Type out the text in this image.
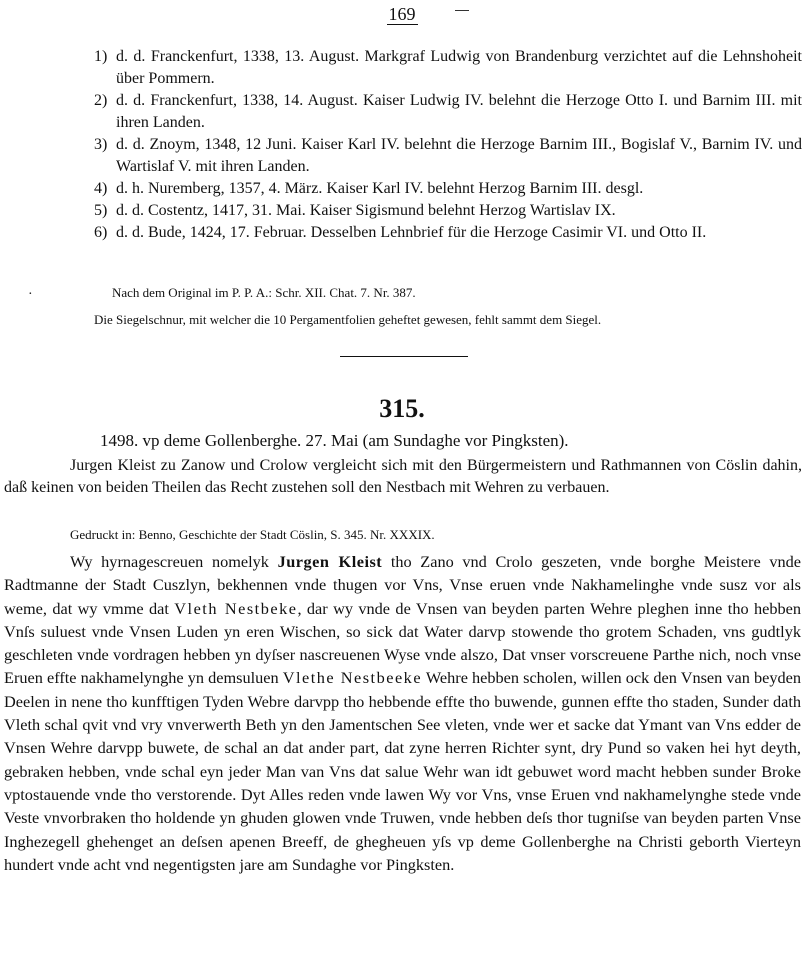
169
1) d. d. Franckenfurt, 1338, 13. August. Markgraf Ludwig von Brandenburg verzichtet auf die Lehnshoheit über Pommern.
2) d. d. Franckenfurt, 1338, 14. August. Kaiser Ludwig IV. belehnt die Herzoge Otto I. und Barnim III. mit ihren Landen.
3) d. d. Znoym, 1348, 12 Juni. Kaiser Karl IV. belehnt die Herzoge Barnim III., Bogislaf V., Barnim IV. und Wartislaf V. mit ihren Landen.
4) d. h. Nuremberg, 1357, 4. März. Kaiser Karl IV. belehnt Herzog Barnim III. desgl.
5) d. d. Costentz, 1417, 31. Mai. Kaiser Sigismund belehnt Herzog Wartislav IX.
6) d. d. Bude, 1424, 17. Februar. Desselben Lehnbrief für die Herzoge Casimir VI. und Otto II.
·	Nach dem Original im P. P. A.: Schr. XII. Chat. 7. Nr. 387.
Die Siegelschnur, mit welcher die 10 Pergamentfolien geheftet gewesen, fehlt sammt dem Siegel.
315.
1498. vp deme Gollenberghe. 27. Mai (am Sundaghe vor Pingksten).
Jurgen Kleist zu Zanow und Crolow vergleicht sich mit den Bürgermeistern und Rathmannen von Cöslin dahin, daß keinen von beiden Theilen das Recht zustehen soll den Nestbach mit Wehren zu verbauen.
Gedruckt in: Benno, Geschichte der Stadt Cöslin, S. 345. Nr. XXXIX.
Wy hyrnagescreuen nomelyk Jurgen Kleist tho Zano vnd Crolo geszeten, vnde borghe Meistere vnde Radtmanne der Stadt Cuszlyn, bekhennen vnde thugen vor Vns, Vnse eruen vnde Nakhamelinghe vnde susz vor als weme, dat wy vmme dat Vleth Nestbeke, dar wy vnde de Vnsen van beyden parten Wehre pleghen inne tho hebben Vnſs suluest vnde Vnsen Luden yn eren Wischen, so sick dat Water darvp stowende tho grotem Schaden, vns gudtlyk geschleten vnde vordragen hebben yn dyſser nascreuenen Wyse vnde alszo, Dat vnser vorscreuene Parthe nich, noch vnse Eruen effte nakhamelynghe yn demsuluen Vlethe Nestbeeke Wehre hebben scholen, willen ock den Vnsen van beyden Deelen in nene tho kunfftigen Tyden Webre darvpp tho hebbende effte tho buwende, gunnen effte tho staden, Sunder dath Vleth schal qvit vnd vry vnverwerth Beth yn den Jamentschen See vleten, vnde wer et sacke dat Ymant van Vns edder de Vnsen Wehre darvpp buwete, de schal an dat ander part, dat zyne herren Richter synt, dry Pund so vaken hei hyt deyth, gebraken hebben, vnde schal eyn jeder Man van Vns dat salue Wehr wan idt gebuwet word macht hebben sunder Broke vptostauende vnde tho verstorende. Dyt Alles reden vnde lawen Wy vor Vns, vnse Eruen vnd nakhamelynghe stede vnde Veste vnvorbraken tho holdende yn ghuden glowen vnde Truwen, vnde hebben deſs thor tugniſse van beyden parten Vnse Inghezegell ghehenget an deſsen apenen Breeff, de ghegheuen yſs vp deme Gollenberghe na Christi geborth Vierteyn hundert vnde acht vnd negentigsten jare am Sundaghe vor Pingksten.
